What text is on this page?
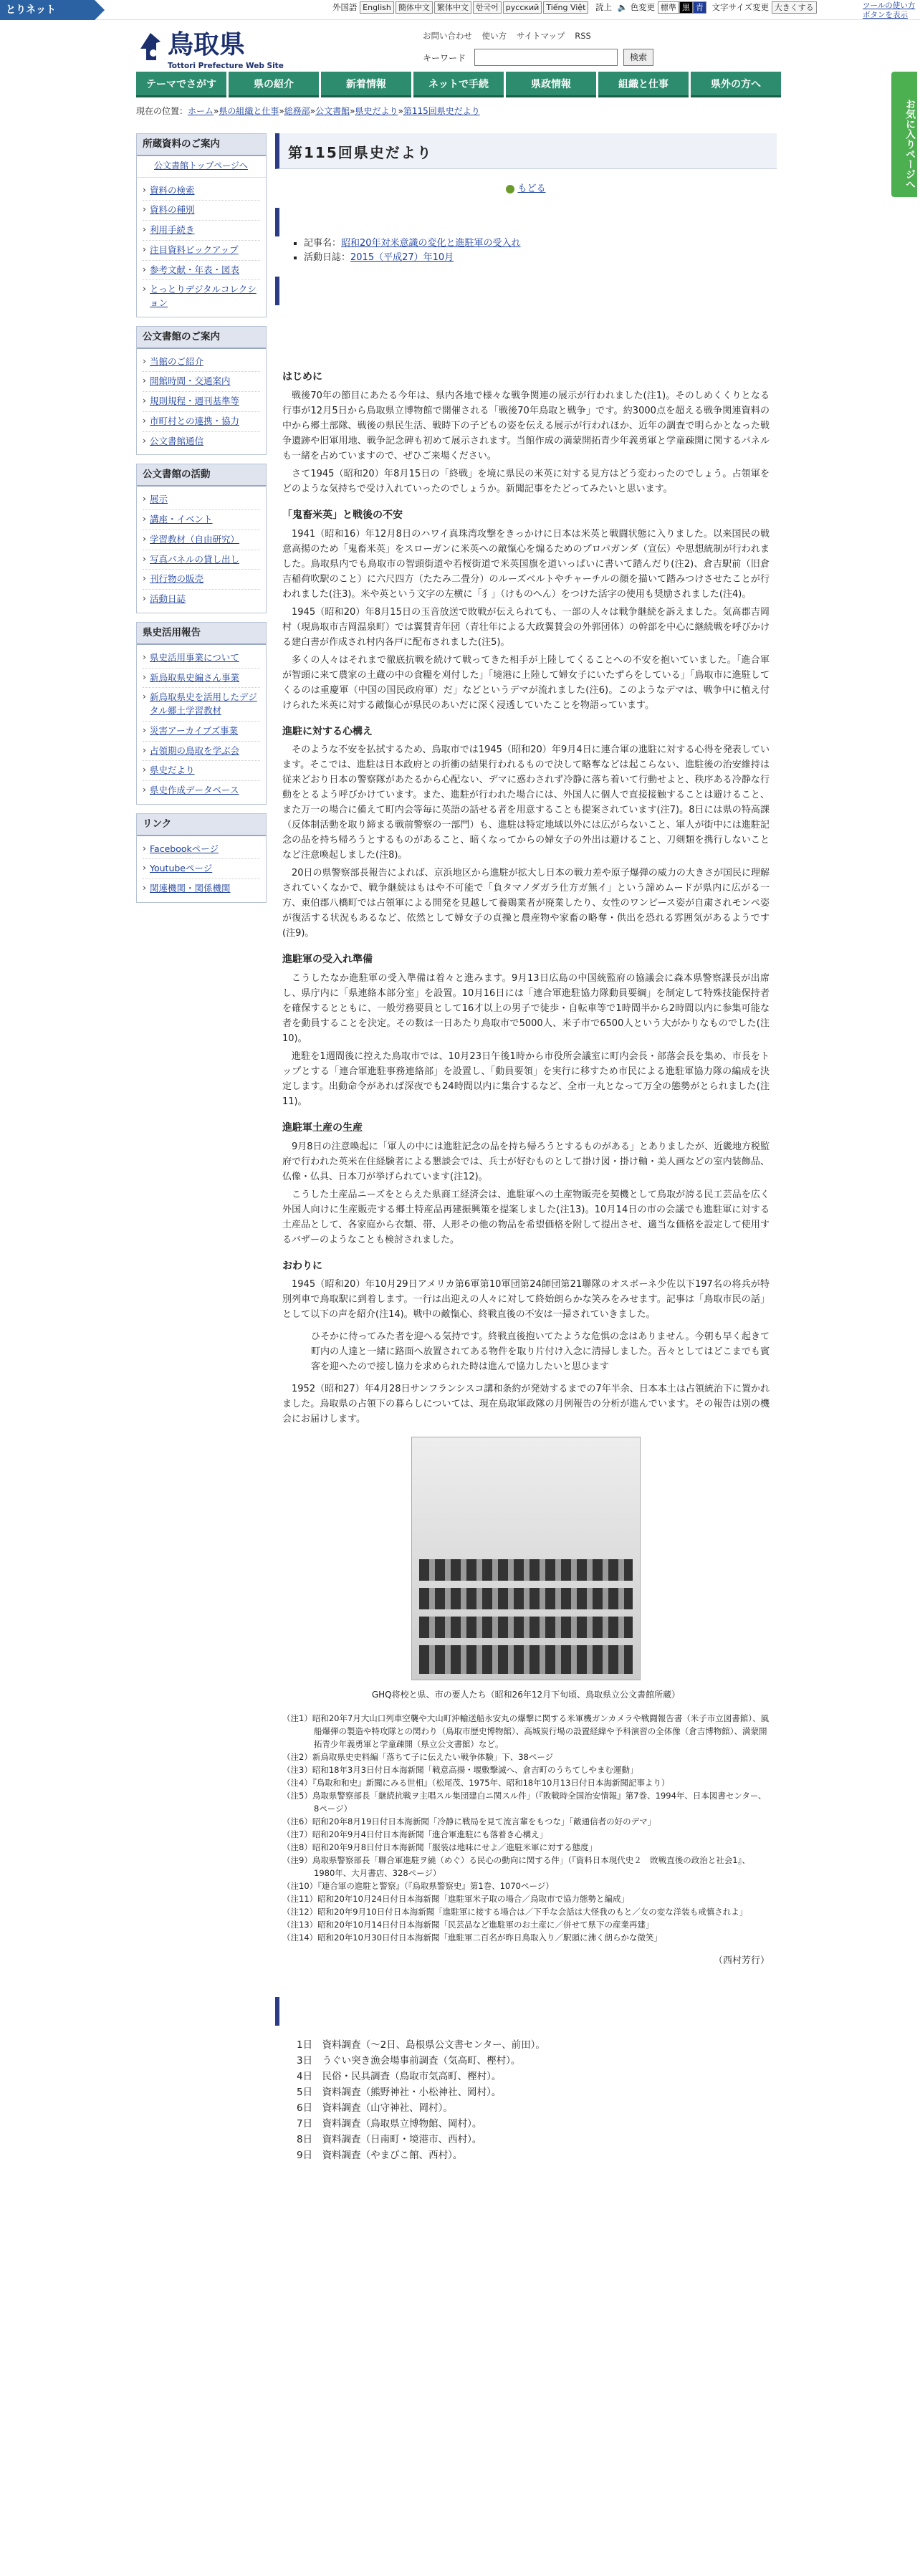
とりネット	外国語 English 簡体中文 繁体中文 한국어 русский Tiếng Việt 読上 🔈 色変更 標準 黒 青 文字サイズ変更 大きくする	ツールの使い方
ボタンを表示
鳥取県
Tottori Prefecture Web Site
お問い合わせ 使い方 サイトマップ RSS
キーワード	検索
テーマでさがす	県の紹介	新着情報	ネットで手続	県政情報	組織と仕事	県外の方へ
お気に入りページへ
現在の位置：ホーム»県の組織と仕事»総務部»公文書館»県史だより»第115回県史だより
所蔵資料のご案内
公文書館トップページへ
› 資料の検索
› 資料の種別
› 利用手続き
› 注目資料ピックアップ
› 参考文献・年表・図表
› とっとりデジタルコレクション
公文書館のご案内
› 当館のご紹介
› 開館時間・交通案内
› 規則規程・週刊基準等
› 市町村との連携・協力
› 公文書館通信
公文書館の活動
› 展示
› 講座・イベント
› 学習教材（自由研究）
› 写真パネルの貸し出し
› 刊行物の販売
› 活動日誌
県史活用報告
› 県史活用事業について
› 新鳥取県史編さん事業
› 新鳥取県史を活用したデジタル郷土学習教材
› 災害アーカイブズ事業
› 占領期の鳥取を学ぶ会
› 県史だより
› 県史作成データベース
リンク
› Facebookページ
› Youtubeページ
› 関連機関・関係機関
第115回県史だより
もどる
▪ 記事名：昭和20年対米意識の変化と進駐軍の受入れ
▪ 活動日誌：2015（平成27）年10月
はじめに

戦後70年の節目にあたる今年は、県内各地で様々な戦争関連の展示が行われました(注1)。そのしめくくりとなる行事が12月5日から鳥取県立博物館で開催される「戦後70年鳥取と戦争」です。約3000点を超える戦争関連資料の中から郷土部隊、戦後の県民生活、戦時下の子どもの姿を伝える展示が行われほか、近年の調査で明らかとなった戦争遺跡や旧軍用地、戦争記念碑も初めて展示されます。当館作成の満蒙開拓青少年義勇軍と学童疎開に関するパネルも一緒を占めていますので、ぜひご来場ください。

さて1945（昭和20）年8月15日の「終戦」を境に県民の米英に対する見方はどう変わったのでしょう。占領軍をどのような気持ちで受け入れていったのでしょうか。新聞記事をたどってみたいと思います。

「鬼畜米英」と戦後の不安

1941（昭和16）年12月8日のハワイ真珠湾攻撃をきっかけに日本は米英と戦闘状態に入りました。以来国民の戦意高揚のため「鬼畜米英」をスローガンに米英への敵愾心を煽るためのプロパガンダ（宣伝）や思想統制が行われました。鳥取県内でも鳥取市の智頭街道や若桜街道で米英国旗を道いっぱいに書いて踏んだり(注2)、倉吉駅前（旧倉吉稲荷吹駅のこと）に六尺四方（たたみ二畳分）のルーズベルトやチャーチルの顔を描いて踏みつけさせたことが行われました(注3)。米や英という文字の左横に「犭」（けものへん）をつけた活字の使用も奨励されました(注4)。

1945（昭和20）年8月15日の玉音放送で敗戦が伝えられても、一部の人々は戦争継続を訴えました。気高郡吉岡村（現鳥取市吉岡温泉町）では翼賛青年団（青壮年による大政翼賛会の外郭団体）の幹部を中心に継続戦を呼びかける建白書が作成され村内各戸に配布されました(注5)。

多くの人々はそれまで徹底抗戦を続けて戦ってきた相手が上陸してくることへの不安を抱いていました。「進合軍が智頭に来て農家の土蔵の中の食糧を刈付した」「境港に上陸して婦女子にいたずらをしている」「鳥取市に進駐してくるのは重慶軍（中国の国民政府軍）だ」などというデマが流れました(注6)。このようなデマは、戦争中に植え付けられた米英に対する敵愾心が県民のあいだに深く浸透していたことを物語っています。

進駐に対する心構え

そのような不安を払拭するため、鳥取市では1945（昭和20）年9月4日に連合軍の進駐に対する心得を発表しています。そこでは、進駐は日本政府との折衝の結果行われるもので決して略奪などは起こらない、進駐後の治安維持は従来どおり日本の警察隊があたるから心配ない、デマに惑わされず冷静に落ち着いて行動せよと、秩序ある冷静な行動をとるよう呼びかけています。また、進駐が行われた場合には、外国人に個人で直接接触することは避けること、また万一の場合に備えて町内会等毎に英語の話せる者を用意することも提案されています(注7)。8日には県の特高課（反体制活動を取り締まる戦前警察の一部門）も、進駐は特定地域以外には広がらないこと、軍人が街中には進駐記念の品を持ち帰ろうとするものがあること、暗くなってからの婦女子の外出は避けること、刀剣類を携行しないことなど注意喚起しました(注8)。

20日の県警察部長報告によれば、京浜地区から進駐が拡大し日本の戦力差や原子爆弾の威力の大きさが国民に理解されていくなかで、戦争継続はもはや不可能で「負タマノダガラ仕方ガ無イ」という諦めムードが県内に広がる一方、東伯郡八橋町では占領軍による開発を見越して養鶏業者が廃業したり、女性のワンピース姿が自粛されモンペ姿が復活する状況もあるなど、依然として婦女子の貞操と農産物や家畜の略奪・供出を恐れる雰囲気があるようです(注9)。

進駐軍の受入れ準備

こうしたなか進駐軍の受入準備は着々と進みます。9月13日広島の中国統監府の協議会に森本県警察課長が出席し、県庁内に「県連絡本部分室」を設置。10月16日には「連合軍進駐協力隊動員要綱」を制定して特殊技能保持者を確保するとともに、一般労務要員として16才以上の男子で徒歩・自転車等で1時間半から2時間以内に参集可能な者を動員することを決定。その数は一日あたり鳥取市で5000人、米子市で6500人という大がかりなものでした(注10)。

進駐を1週間後に控えた鳥取市では、10月23日午後1時から市役所会議室に町内会長・部落会長を集め、市長をトップとする「連合軍進駐事務連絡部」を設置し、「動員要領」を実行に移すため市民による進駐軍協力隊の編成を決定します。出動命令があれば深夜でも24時間以内に集合するなど、全市一丸となって万全の態勢がとられました(注11)。

進駐軍土産の生産

9月8日の注意喚起に「軍人の中には進駐記念の品を持ち帰ろうとするものがある」とありましたが、近畿地方税監府で行われた英米在住経験者による懇談会では、兵士が好むものとして掛け図・掛け軸・美人画などの室内装飾品、仏像・仏具、日本刀が挙げられています(注12)。

こうした土産品ニーズをとらえた県商工経済会は、進駐軍への土産物販売を契機として鳥取が誇る民工芸品を広く外国人向けに生産販売する郷土特産品再建振興策を提案しました(注13)。10月14日の市の会議でも進駐軍に対する土産品として、各家庭から衣類、帯、人形その他の物品を希望価格を附して提出させ、適当な価格を設定して使用するバザーのようなことも検討されました。

おわりに

1945（昭和20）年10月29日アメリカ第6軍第10軍団第24師団第21聯隊のオスボーネ少佐以下197名の将兵が特別列車で鳥取駅に到着します。一行は出迎えの人々に対して終始朗らかな笑みをみせます。記事は「鳥取市民の話」として以下の声を紹介(注14)。戦中の敵愾心、終戦直後の不安は一掃されていきました。

ひそかに待ってみた者を迎へる気持です。終戦直後抱いてたような危惧の念はありません。今朝も早く起きて町内の人達と一緒に路面へ放置されてある物件を取り片付け入念に清掃しました。吾々としてはどこまでも賓客を迎へたので接し協力を求められた時は進んで協力したいと思ひます

1952（昭和27）年4月28日サンフランシスコ講和条約が発効するまでの7年半余、日本本土は占領統治下に置かれました。鳥取県の占領下の暮らしについては、現在鳥取軍政隊の月例報告の分析が進んでいます。その報告は別の機会にお届けします。

GHQ将校と県、市の要人たち（昭和26年12月下旬頃、鳥取県立公文書館所蔵）
（注1）昭和20年7月大山口列車空襲や大山町沖輸送船永安丸の爆撃に関する米軍機ガンカメラや戦闘報告書（米子市立図書館）、風船爆弾の製造や特攻隊との関わり（鳥取市歴史博物館）、高城炭行場の設置経緯や予科演習の全体像（倉吉博物館）、満蒙開拓青少年義勇軍と学童疎開（県立公文書館）など。
（注2）新鳥取県史史料編「落ちて子に伝えたい戦争体験」下、38ページ
（注3）昭和18年3月3日付日本海新聞「戦意高揚・堰敷撃滅へ、倉吉町のうちてしやまむ運動」
（注4）『鳥取和和史』新聞にみる世相』（松尾茂、1975年、昭和18年10月13日付日本海新聞記事より）
（注5）鳥取県警察部長「継続抗戦ヲ主唱スル集団建白ニ関スル件」（『敗戦時全国治安情報』第7巻、1994年、日本図書センター、8ページ）
（注6）昭和20年8月19日付日本海新聞「冷静に戦局を見て流言輩をもつな」「敵通信者の好のデマ」
（注7）昭和20年9月4日付日本海新聞「進合軍進駐にも落着き心構え」
（注8）昭和20年9月8日付日本海新聞「服装は地味にせよ／進駐米軍に対する態度」
（注9）鳥取県警察部長「聯合軍進駐ヲ繞（めぐ）る民心の動向に関する件」（『資料日本現代史２　敗戦直後の政治と社会1』、1980年、大月書店、328ページ）
（注10）『連合軍の進駐と警察』（『鳥取県警察史』第1巻、1070ページ）
（注11）昭和20年10月24日付日本海新聞「進駐軍米子取の場合／鳥取市で協力態勢と編成」
（注12）昭和20年9月10日付日本海新聞「進駐軍に接する場合は／下手な会話は大怪我のもと／女の変な洋装も戒慎されよ」
（注13）昭和20年10月14日付日本海新聞「民芸品など進駐軍のお土産に／併せて県下の産業再建」
（注14）昭和20年10月30日付日本海新聞「進駐軍二百名が昨日鳥取入り／駅頭に沸く朗らかな微笑」
（西村芳行）
1日　資料調査（～2日、島根県公文書センター、前田）。
3日　うぐい突き漁会場事前調査（気高町、樫村）。
4日　民俗・民具調査（鳥取市気高町、樫村）。
5日　資料調査（熊野神社・小松神社、岡村）。
6日　資料調査（山守神社、岡村）。
7日　資料調査（鳥取県立博物館、岡村）。
8日　資料調査（日南町・境港市、西村）。
9日　資料調査（やまびこ館、西村）。
